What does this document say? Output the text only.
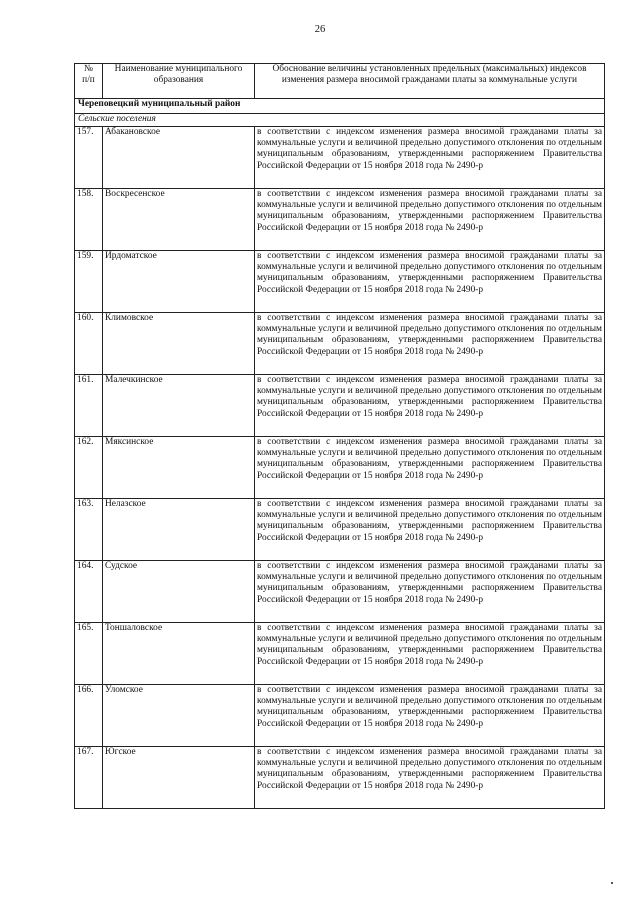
26
№
п/п	Наименование муниципального образования	Обоснование величины установленных предельных (максимальных) индексов изменения размера вносимой гражданами платы за коммунальные услуги
Череповецкий муниципальный район		
Сельские поселения		
157.	Абакановское	в соответствии с индексом изменения размера вносимой гражданами платы за коммунальные услуги и величиной предельно допустимого отклонения по отдельным муниципальным образованиям, утвержденными распоряжением Правительства Российской Федерации от 15 ноября 2018 года № 2490-р

158.	Воскресенское	в соответствии с индексом изменения размера вносимой гражданами платы за коммунальные услуги и величиной предельно допустимого отклонения по отдельным муниципальным образованиям, утвержденными распоряжением Правительства Российской Федерации от 15 ноября 2018 года № 2490-р

159.	Ирдоматское	в соответствии с индексом изменения размера вносимой гражданами платы за коммунальные услуги и величиной предельно допустимого отклонения по отдельным муниципальным образованиям, утвержденными распоряжением Правительства Российской Федерации от 15 ноября 2018 года № 2490-р

160.	Климовское	в соответствии с индексом изменения размера вносимой гражданами платы за коммунальные услуги и величиной предельно допустимого отклонения по отдельным муниципальным образованиям, утвержденными распоряжением Правительства Российской Федерации от 15 ноября 2018 года № 2490-р

161.	Малечкинское	в соответствии с индексом изменения размера вносимой гражданами платы за коммунальные услуги и величиной предельно допустимого отклонения по отдельным муниципальным образованиям, утвержденными распоряжением Правительства Российской Федерации от 15 ноября 2018 года № 2490-р

162.	Мяксинское	в соответствии с индексом изменения размера вносимой гражданами платы за коммунальные услуги и величиной предельно допустимого отклонения по отдельным муниципальным образованиям, утвержденными распоряжением Правительства Российской Федерации от 15 ноября 2018 года № 2490-р

163.	Нелазское	в соответствии с индексом изменения размера вносимой гражданами платы за коммунальные услуги и величиной предельно допустимого отклонения по отдельным муниципальным образованиям, утвержденными распоряжением Правительства Российской Федерации от 15 ноября 2018 года № 2490-р

164.	Судское	в соответствии с индексом изменения размера вносимой гражданами платы за коммунальные услуги и величиной предельно допустимого отклонения по отдельным муниципальным образованиям, утвержденными распоряжением Правительства Российской Федерации от 15 ноября 2018 года № 2490-р

165.	Тоншаловское	в соответствии с индексом изменения размера вносимой гражданами платы за коммунальные услуги и величиной предельно допустимого отклонения по отдельным муниципальным образованиям, утвержденными распоряжением Правительства Российской Федерации от 15 ноября 2018 года № 2490-р

166.	Уломское	в соответствии с индексом изменения размера вносимой гражданами платы за коммунальные услуги и величиной предельно допустимого отклонения по отдельным муниципальным образованиям, утвержденными распоряжением Правительства Российской Федерации от 15 ноября 2018 года № 2490-р

167.	Югское	в соответствии с индексом изменения размера вносимой гражданами платы за коммунальные услуги и величиной предельно допустимого отклонения по отдельным муниципальным образованиям, утвержденными распоряжением Правительства Российской Федерации от 15 ноября 2018 года № 2490-р
